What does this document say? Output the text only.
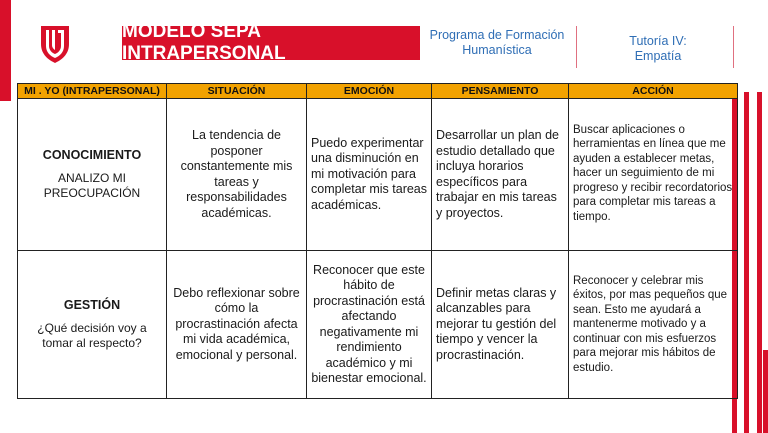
MODELO SEPA INTRAPERSONAL
Programa de Formación
Humanística
Tutoría IV:
Empatía
MI . YO (INTRAPERSONAL)	SITUACIÓN	EMOCIÓN	PENSAMIENTO	ACCIÓN

CONOCIMIENTO
ANALIZO MI PREOCUPACIÓN	La tendencia de posponer constantemente mis tareas y responsabilidades académicas.	Puedo experimentar una disminución en mi motivación para completar mis tareas académicas.	Desarrollar un plan de estudio detallado que incluya horarios específicos para trabajar en mis tareas y proyectos.	Buscar aplicaciones o herramientas en línea que me ayuden a establecer metas, hacer un seguimiento de mi progreso y recibir recordatorios para completar mis tareas a tiempo.

GESTIÓN
¿Qué decisión voy a tomar al respecto?	Debo reflexionar sobre cómo la procrastinación afecta mi vida académica, emocional y personal.	Reconocer que este hábito de procrastinación está afectando negativamente mi rendimiento académico y mi bienestar emocional.	Definir metas claras y alcanzables para mejorar tu gestión del tiempo y vencer la procrastinación.	Reconocer y celebrar mis éxitos, por mas pequeños que sean. Esto me ayudará a mantenerme motivado y a continuar con mis esfuerzos para mejorar mis hábitos de estudio.
